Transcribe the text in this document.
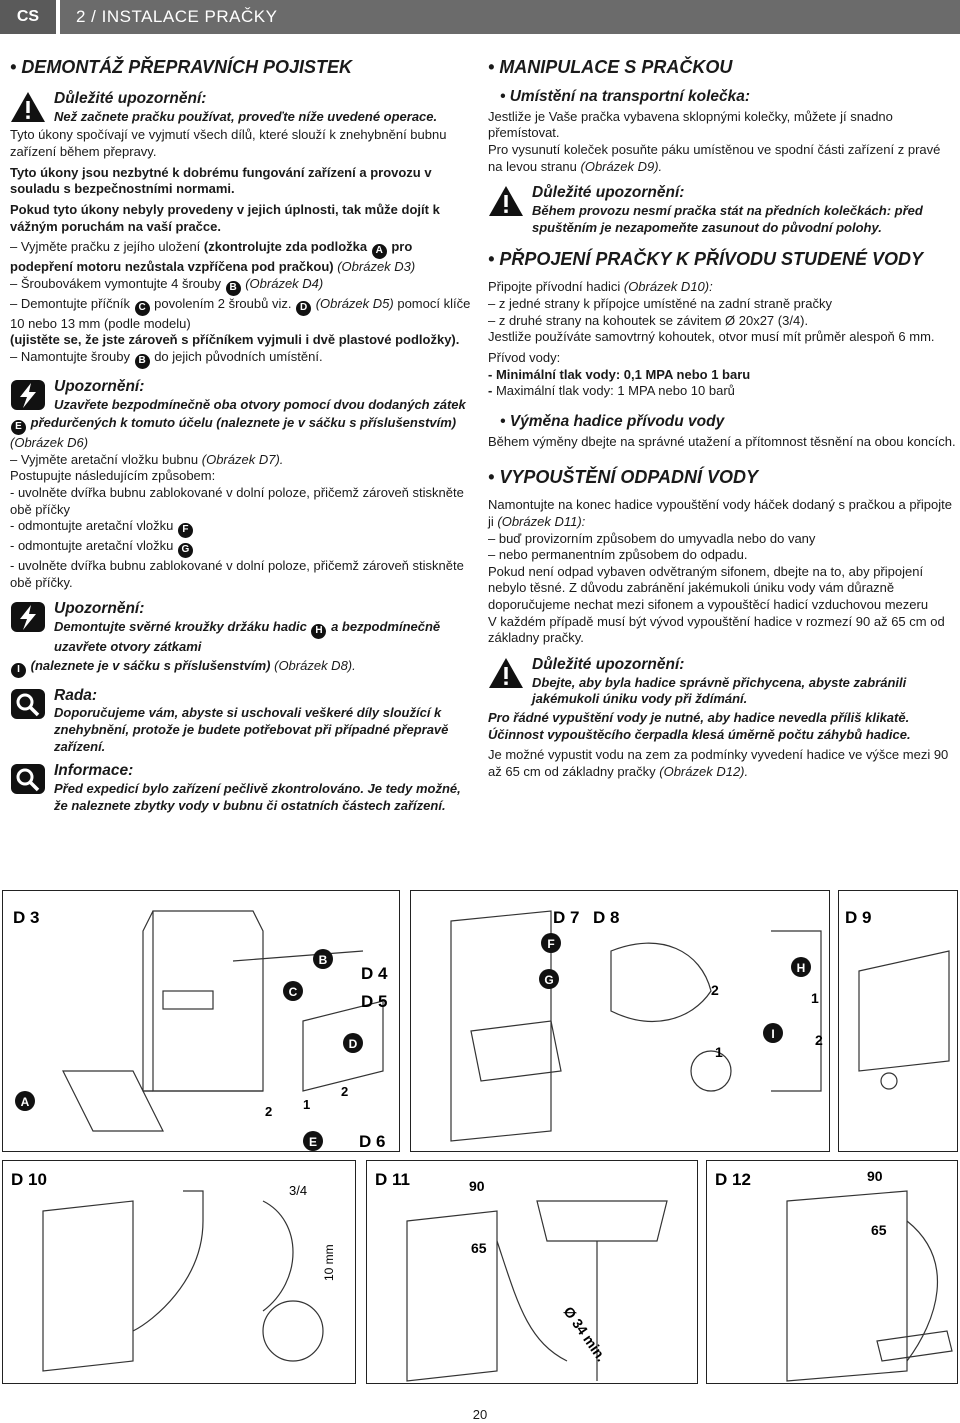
CS	2 / INSTALACE PRAČKY
• DEMONTÁŽ PŘEPRAVNÍCH POJISTEK
Důležité upozornění:
Než začnete pračku používat, proveďte níže uvedené operace.

Tyto úkony spočívají ve vyjmutí všech dílů, které slouží k znehybnění bubnu zařízení během přepravy.

Tyto úkony jsou nezbytné k dobrému fungování zařízení a provozu v souladu s bezpečnostními normami.

Pokud tyto úkony nebyly provedeny v jejich úplnosti, tak může dojít k vážným poruchám na vaší pračce.

– Vyjměte pračku z jejího uložení (zkontrolujte zda podložka A pro podepření motoru nezůstala vzpříčena pod pračkou) (Obrázek D3)

– Šroubovákem vymontujte 4 šrouby B (Obrázek D4)

– Demontujte příčník C povolením 2 šroubů viz. D (Obrázek D5) pomocí klíče 10 nebo 13 mm (podle modelu)

(ujistěte se, že jste zároveň s příčníkem vyjmuli i dvě plastové podložky).

– Namontujte šrouby B do jejich původních umístění.

Upozornění:
Uzavřete bezpodmínečně oba otvory pomocí dvou dodaných zátek

E předurčených k tomuto účelu (naleznete je v sáčku s příslušenstvím) (Obrázek D6)

– Vyjměte aretační vložku bubnu (Obrázek D7).

Postupujte následujícím způsobem:

- uvolněte dvířka bubnu zablokované v dolní poloze, přičemž zároveň stiskněte obě příčky

- odmontujte aretační vložku F

- odmontujte aretační vložku G

- uvolněte dvířka bubnu zablokované v dolní poloze, přičemž zároveň stiskněte obě příčky.

Upozornění:
Demontujte svěrné kroužky držáku hadic H a bezpodmínečně uzavřete otvory zátkami

I (naleznete je v sáčku s příslušenstvím) (Obrázek D8).

Rada:
Doporučujeme vám, abyste si uschovali veškeré díly sloužící k znehybnění, protože je budete potřebovat při případné přepravě zařízení.
Informace:
Před expedicí bylo zařízení pečlivě zkontrolováno. Je tedy možné, že naleznete zbytky vody v bubnu či ostatních částech zařízení.
• MANIPULACE S PRAČKOU
• Umístění na transportní kolečka:

Jestliže je Vaše pračka vybavena sklopnými kolečky, můžete jí snadno přemístovat.

Pro vysunutí koleček posuňte páku umístěnou ve spodní části zařízení z pravé na levou stranu (Obrázek D9).

Důležité upozornění:
Během provozu nesmí pračka stát na předních kolečkách: před spuštěním je nezapomeňte zasunout do původní polohy.
• PŘPOJENÍ PRAČKY K PŘÍVODU STUDENÉ VODY

Připojte přívodní hadici (Obrázek D10):

– z jedné strany k přípojce umístěné na zadní straně pračky

– z druhé strany na kohoutek se závitem Ø 20x27 (3/4).

Jestliže používáte samovtrný kohoutek, otvor musí mít průměr alespoň 6 mm.

Přívod vody:

- Minimální tlak vody: 0,1 MPA nebo 1 baru

- Maximální tlak vody: 1 MPA nebo 10 barů

• Výměna hadice přívodu vody

Během výměny dbejte na správné utažení a přítomnost těsnění na obou koncích.

• VYPOUŠTĚNÍ ODPADNÍ VODY

Namontujte na konec hadice vypouštění vody háček dodaný s pračkou a připojte ji (Obrázek D11):

– buď provizorním způsobem do umyvadla nebo do vany

– nebo permanentním způsobem do odpadu.

Pokud není odpad vybaven odvětraným sifonem, dbejte na to, aby připojení nebylo těsné. Z důvodu zabránění jakémukoli úniku vody vám důrazně doporučujeme nechat mezi sifonem a vypouštěcí hadicí vzduchovou mezeru

V každém případě musí být vývod vypouštění hadice v rozmezí 90 až 65 cm od základny pračky.

Důležité upozornění:
Dbejte, aby byla hadice správně přichycena, abyste zabránili jakémukoli úniku vody při ždímání.

Pro řádné vypuštění vody je nutné, aby hadice nevedla příliš klikatě. Účinnost vypouštěcího čerpadla klesá úměrně počtu záhybů hadice.

Je možné vypustit vodu na zem za podmínky vyvedení hadice ve výšce mezi 90 až 65 cm od základny pračky (Obrázek D12).

D 3
D 4
D 5
D 6
A
B
C
D
E
2 1
2
D 7 D 8
F
G
H
I
2	1
1
2
D 9
D 10
3/4
10 mm
D 11	90
65
Ø 34 min.
D 12	90
65
20
